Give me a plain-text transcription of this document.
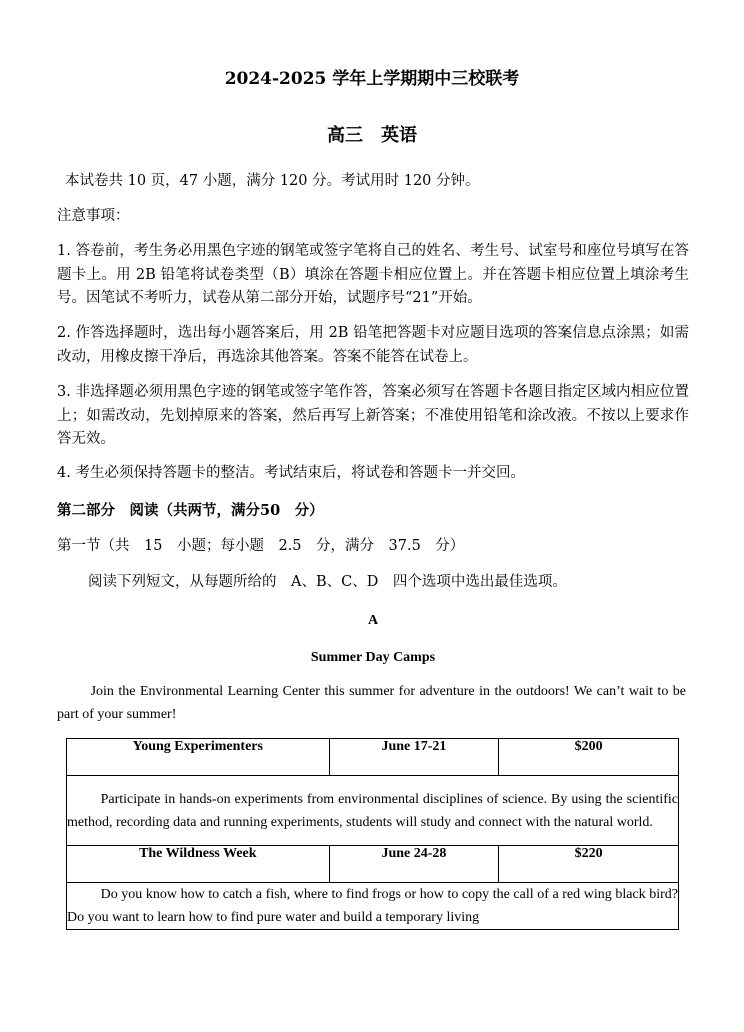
2024-2025 学年上学期期中三校联考
高三　英语
本试卷共 10 页，47 小题，满分 120 分。考试用时 120 分钟。
注意事项：
1. 答卷前，考生务必用黑色字迹的钢笔或签字笔将自己的姓名、考生号、试室号和座位号填写在答题卡上。用 2B 铅笔将试卷类型（B）填涂在答题卡相应位置上。并在答题卡相应位置上填涂考生号。因笔试不考听力，试卷从第二部分开始，试题序号“21”开始。
2. 作答选择题时，选出每小题答案后，用 2B 铅笔把答题卡对应题目选项的答案信息点涂黑；如需改动，用橡皮擦干净后，再选涂其他答案。答案不能答在试卷上。
3. 非选择题必须用黑色字迹的钢笔或签字笔作答，答案必须写在答题卡各题目指定区域内相应位置上；如需改动，先划掉原来的答案，然后再写上新答案；不准使用铅笔和涂改液。不按以上要求作答无效。
4. 考生必须保持答题卡的整洁。考试结束后，将试卷和答题卡一并交回。
第二部分　阅读（共两节，满分50　分）
第一节（共　15　小题；每小题　2.5　分，满分　37.5　分）
阅读下列短文，从每题所给的　A、B、C、D　四个选项中选出最佳选项。
A
Summer Day Camps
Join the Environmental Learning Center this summer for adventure in the outdoors! We can’t wait to be part of your summer!
Young Experimenters	June 17-21	$200

Participate in hands-on experiments from environmental disciplines of science. By using the scientific method, recording data and running experiments, students will study and connect with the natural world.		

The Wildness Week	June 24-28	$220

Do you know how to catch a fish, where to find frogs or how to copy the call of a red wing black bird? Do you want to learn how to find pure water and build a temporary living		
